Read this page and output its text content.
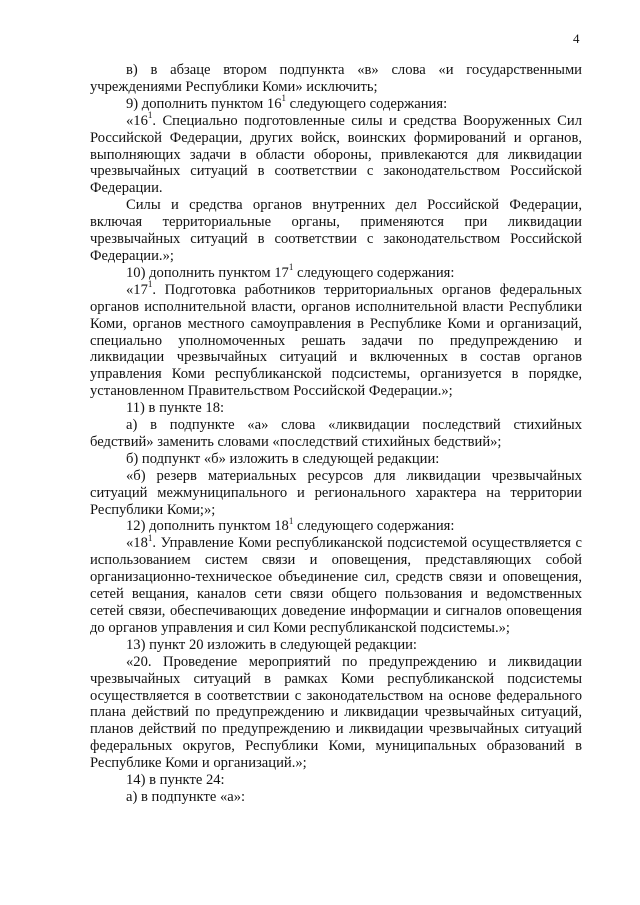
4

в) в абзаце втором подпункта «в» слова «и государственными учреждениями Республики Коми» исключить;

9) дополнить пунктом $16^1$ следующего содержания:

«$16^1$. Специально подготовленные силы и средства Вооруженных Сил Российской Федерации, других войск, воинских формирований и органов, выполняющих задачи в области обороны, привлекаются для ликвидации чрезвычайных ситуаций в соответствии с законодательством Российской Федерации.

Силы и средства органов внутренних дел Российской Федерации, включая территориальные органы, применяются при ликвидации чрезвычайных ситуаций в соответствии с законодательством Российской Федерации.»;

10) дополнить пунктом $17^1$ следующего содержания:

«$17^1$. Подготовка работников территориальных органов федеральных органов исполнительной власти, органов исполнительной власти Республики Коми, органов местного самоуправления в Республике Коми и организаций, специально уполномоченных решать задачи по предупреждению и ликвидации чрезвычайных ситуаций и включенных в состав органов управления Коми республиканской подсистемы, организуется в порядке, установленном Правительством Российской Федерации.»;

11) в пункте 18:

а) в подпункте «а» слова «ликвидации последствий стихийных бедствий» заменить словами «последствий стихийных бедствий»;

б) подпункт «б» изложить в следующей редакции:

«б) резерв материальных ресурсов для ликвидации чрезвычайных ситуаций межмуниципального и регионального характера на территории Республики Коми;»;

12) дополнить пунктом $18^1$ следующего содержания:

«$18^1$. Управление Коми республиканской подсистемой осуществляется с использованием систем связи и оповещения, представляющих собой организационно-техническое объединение сил, средств связи и оповещения, сетей вещания, каналов сети связи общего пользования и ведомственных сетей связи, обеспечивающих доведение информации и сигналов оповещения до органов управления и сил Коми республиканской подсистемы.»;

13) пункт 20 изложить в следующей редакции:

«20. Проведение мероприятий по предупреждению и ликвидации чрезвычайных ситуаций в рамках Коми республиканской подсистемы осуществляется в соответствии с законодательством на основе федерального плана действий по предупреждению и ликвидации чрезвычайных ситуаций, планов действий по предупреждению и ликвидации чрезвычайных ситуаций федеральных округов, Республики Коми, муниципальных образований в Республике Коми и организаций.»;

14) в пункте 24:

а) в подпункте «а»:
